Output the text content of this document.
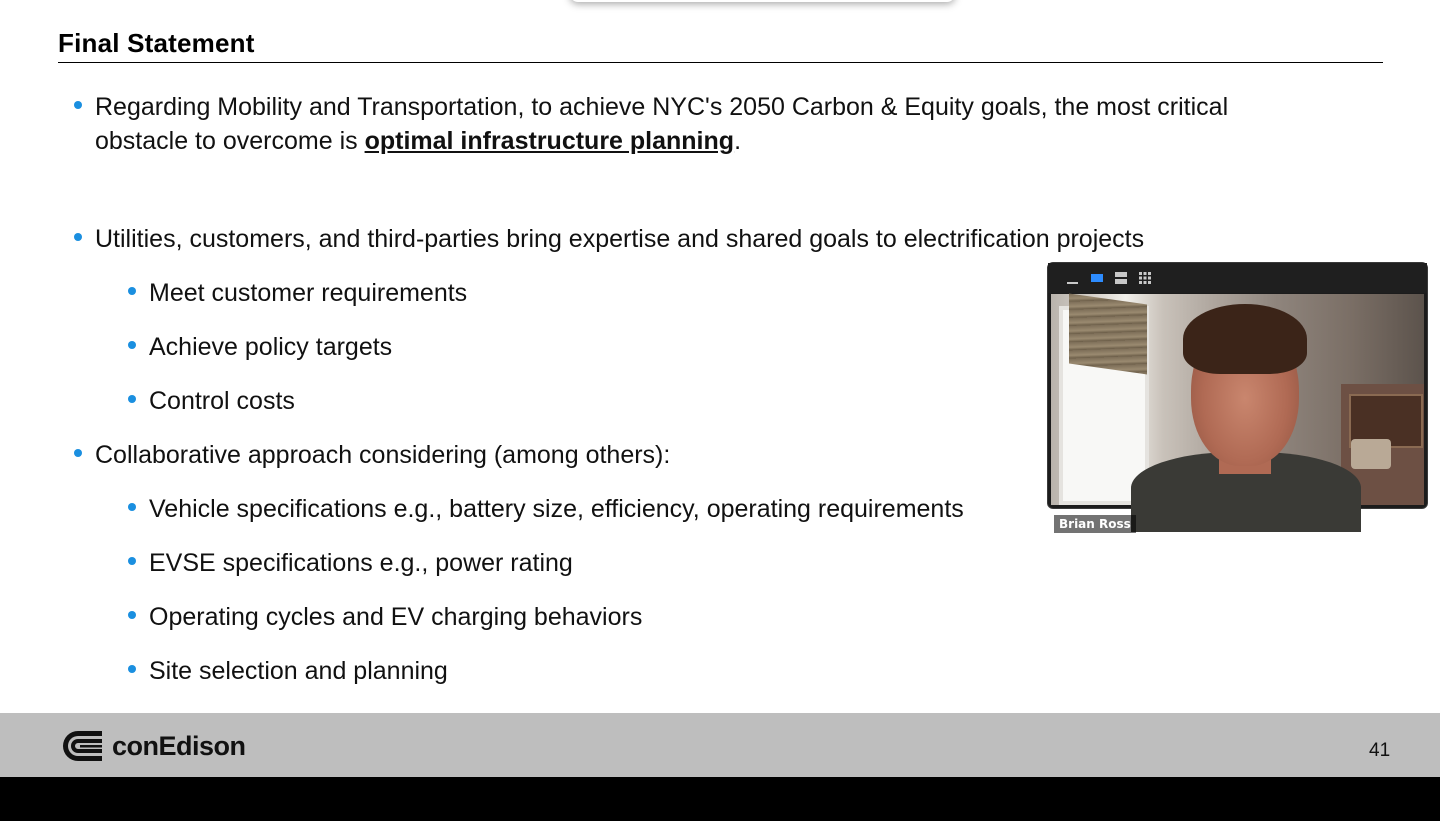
Final Statement
Regarding Mobility and Transportation, to achieve NYC's 2050 Carbon & Equity goals, the most critical
obstacle to overcome is optimal infrastructure planning.
Utilities, customers, and third-parties bring expertise and shared goals to electrification projects
Meet customer requirements
Achieve policy targets
Control costs
Collaborative approach considering (among others):
Vehicle specifications e.g., battery size, efficiency, operating requirements
EVSE specifications e.g., power rating
Operating cycles and EV charging behaviors
Site selection and planning
conEdison	41
Brian Ross
